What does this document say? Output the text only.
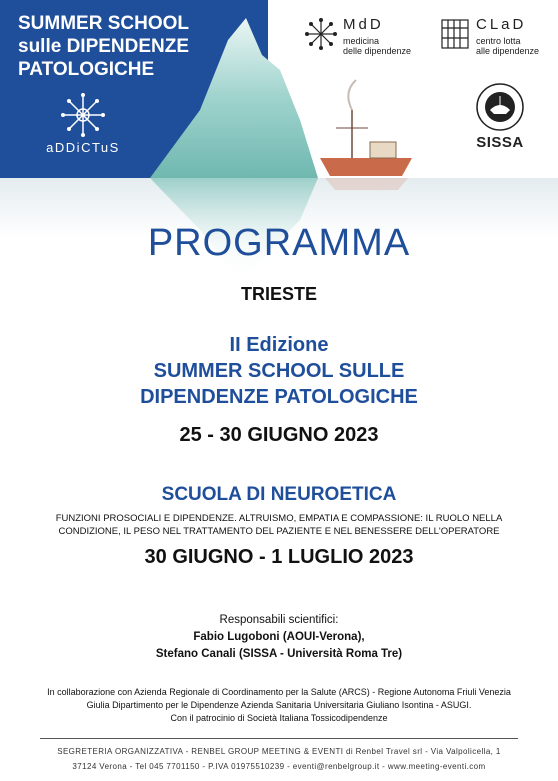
SUMMER SCHOOL
sulle DIPENDENZE
PATOLOGICHE
aDDiCTuS
MdD
medicina
delle dipendenze
CLaD
centro lotta
alle dipendenze
SISSA
PROGRAMMA
TRIESTE
II Edizione
SUMMER SCHOOL SULLE
DIPENDENZE PATOLOGICHE
25 - 30 GIUGNO 2023
SCUOLA DI NEUROETICA
FUNZIONI PROSOCIALI E DIPENDENZE. ALTRUISMO, EMPATIA E COMPASSIONE: IL RUOLO NELLA
CONDIZIONE, IL PESO NEL TRATTAMENTO DEL PAZIENTE E NEL BENESSERE DELL'OPERATORE
30 GIUGNO - 1 LUGLIO 2023
Responsabili scientifici:
Fabio Lugoboni (AOUI-Verona),
Stefano Canali (SISSA - Università Roma Tre)
In collaborazione con Azienda Regionale di Coordinamento per la Salute (ARCS) - Regione Autonoma Friuli Venezia
Giulia Dipartimento per le Dipendenze Azienda Sanitaria Universitaria Giuliano Isontina - ASUGI.
Con il patrocinio di Società Italiana Tossicodipendenze
SEGRETERIA ORGANIZZATIVA - RENBEL GROUP MEETING & EVENTI di Renbel Travel srl - Via Valpolicella, 1
37124 Verona - Tel 045 7701150 - P.IVA 01975510239 - eventi@renbelgroup.it - www.meeting-eventi.com
